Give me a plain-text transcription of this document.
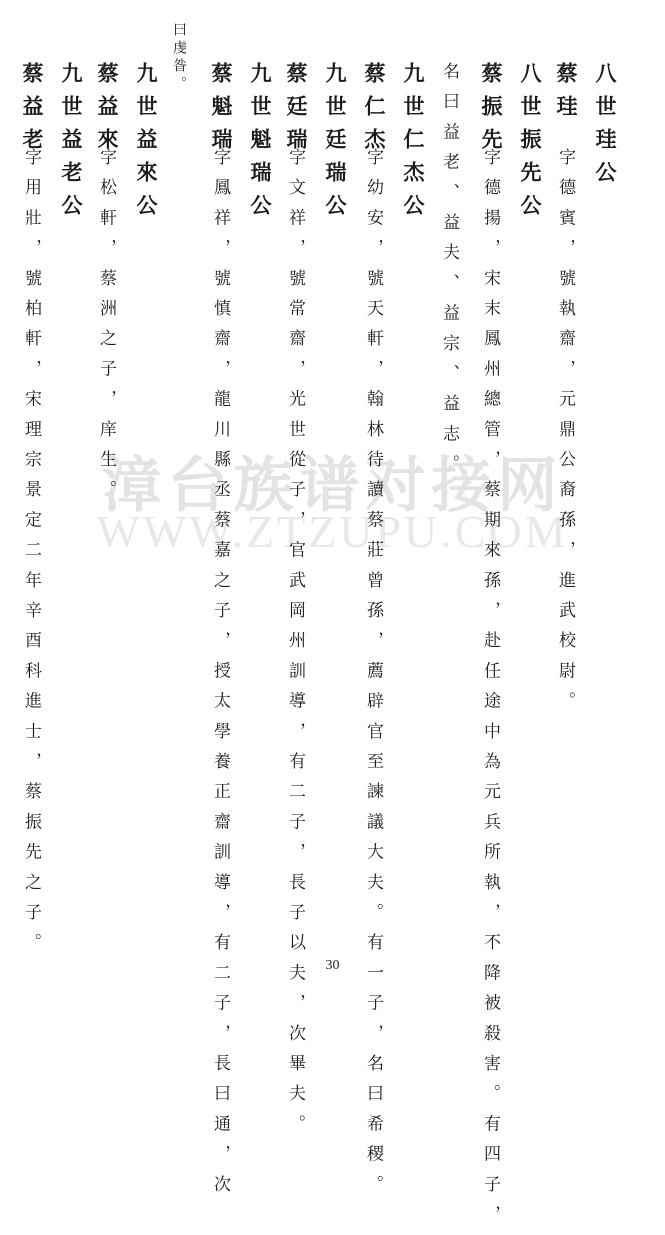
漳台族谱对接网
WWW.ZTZUPU.COM
八世珪公
蔡珪
字德賓，號執齋，元鼎公裔孫，進武校尉。
八世振先公
蔡振先
字德揚，宋末鳳州總管，蔡期來孫，赴任途中為元兵所執，不降被殺害。有四子，
名曰益老、益夫、益宗、益志。
九世仁杰公
蔡仁杰
字幼安，號天軒，翰林待讀蔡莊曾孫，薦辟官至諫議大夫。有一子，名曰希稷。
九世廷瑞公
蔡廷瑞
字文祥，號常齋，光世從子，官武岡州訓導，有二子，長子以夫，次畢夫。
九世魁瑞公
蔡魁瑞
字鳳祥，號慎齋，龍川縣丞蔡嘉之子，授太學養正齋訓導，有二子，長曰通，次
曰虔昝。
九世益來公
蔡益來
字松軒，蔡洲之子，庠生。
九世益老公
蔡益老
字用壯，號柏軒，宋理宗景定二年辛酉科進士，蔡振先之子。
30
